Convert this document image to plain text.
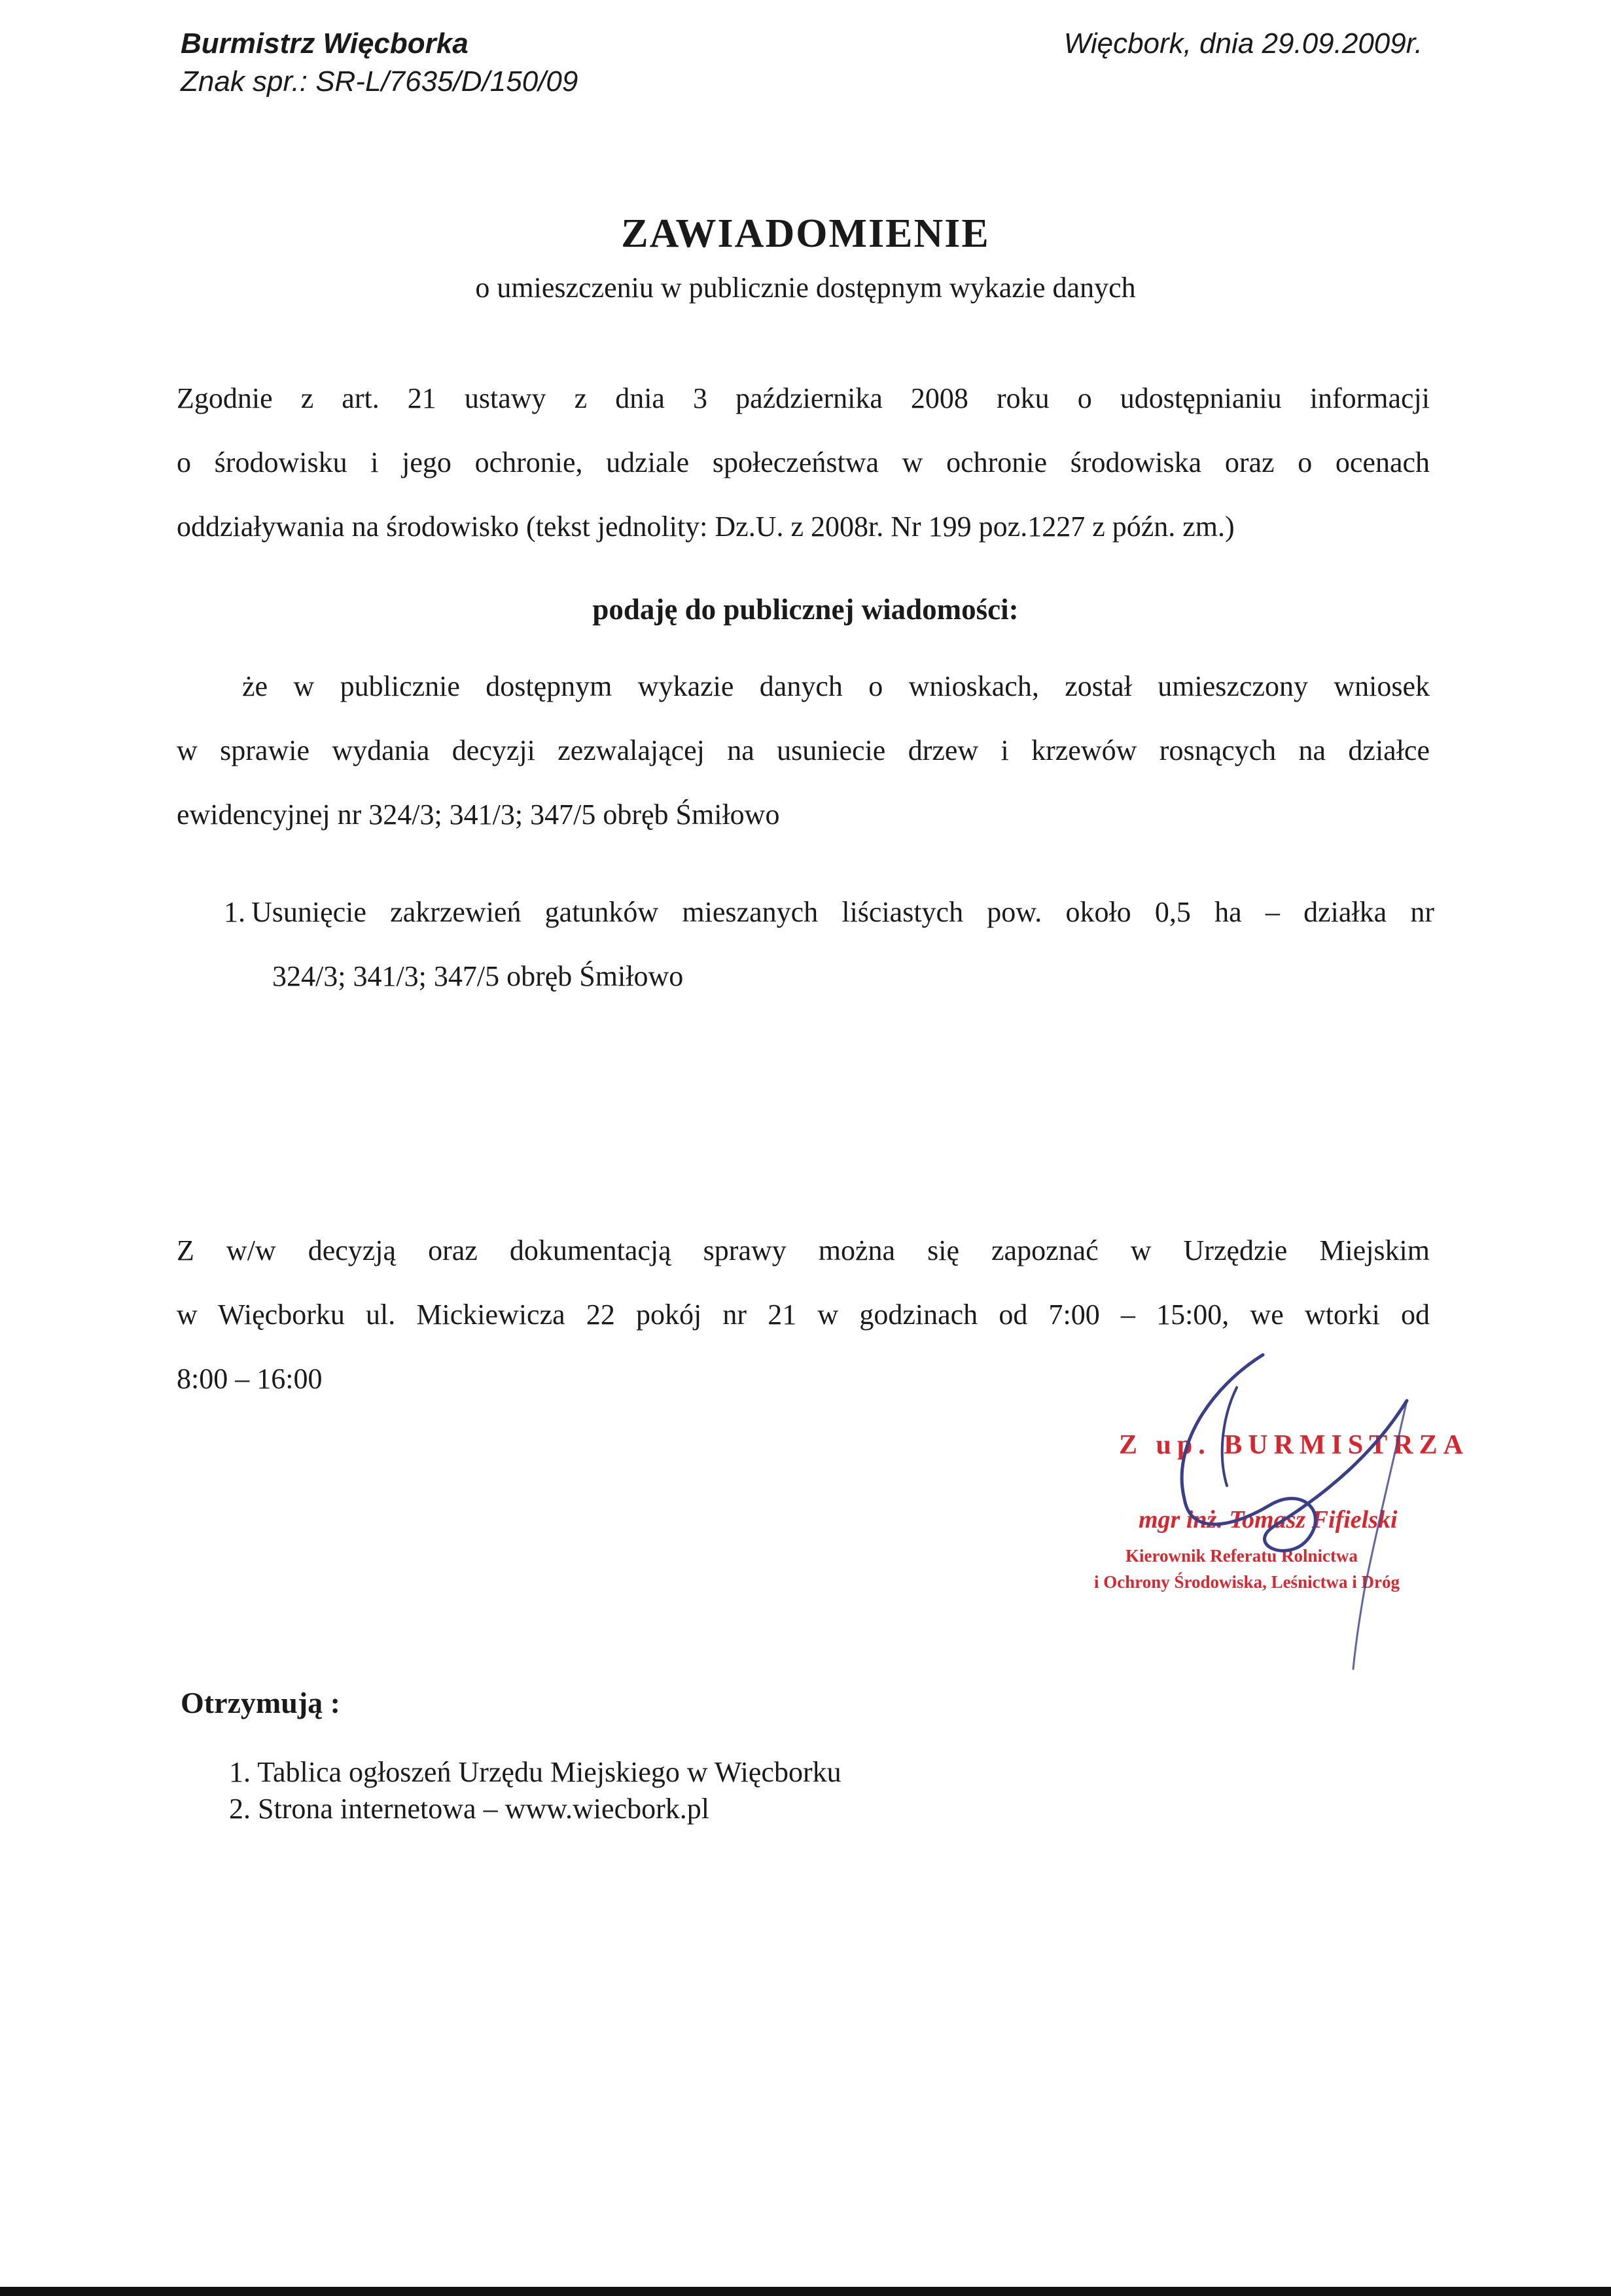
Burmistrz Więcborka
Znak spr.: SR-L/7635/D/150/09
Więcbork, dnia 29.09.2009r.
ZAWIADOMIENIE
o umieszczeniu w publicznie dostępnym wykazie danych
Zgodnie z art. 21 ustawy z dnia 3 października 2008 roku o udostępnianiu informacji
o środowisku i jego ochronie, udziale społeczeństwa w ochronie środowiska oraz o ocenach
oddziaływania na środowisko (tekst jednolity: Dz.U. z 2008r. Nr 199 poz.1227 z późn. zm.)
podaję do publicznej wiadomości:
że w publicznie dostępnym wykazie danych o wnioskach, został umieszczony wniosek
w sprawie wydania decyzji zezwalającej na usuniecie drzew i krzewów rosnących na działce
ewidencyjnej nr 324/3; 341/3; 347/5 obręb Śmiłowo
1. Usunięcie zakrzewień gatunków mieszanych liściastych pow. około 0,5 ha – działka nr
324/3; 341/3; 347/5 obręb Śmiłowo
Z w/w decyzją oraz dokumentacją sprawy można się zapoznać w Urzędzie Miejskim
w Więcborku ul. Mickiewicza 22 pokój nr 21 w godzinach od 7:00 – 15:00, we wtorki od
8:00 – 16:00
Z up. BURMISTRZA
mgr inż. Tomasz Fifielski
Kierownik Referatu Rolnictwa
i Ochrony Środowiska, Leśnictwa i Dróg
Otrzymują :
1. Tablica ogłoszeń Urzędu Miejskiego w Więcborku
2. Strona internetowa – www.wiecbork.pl
